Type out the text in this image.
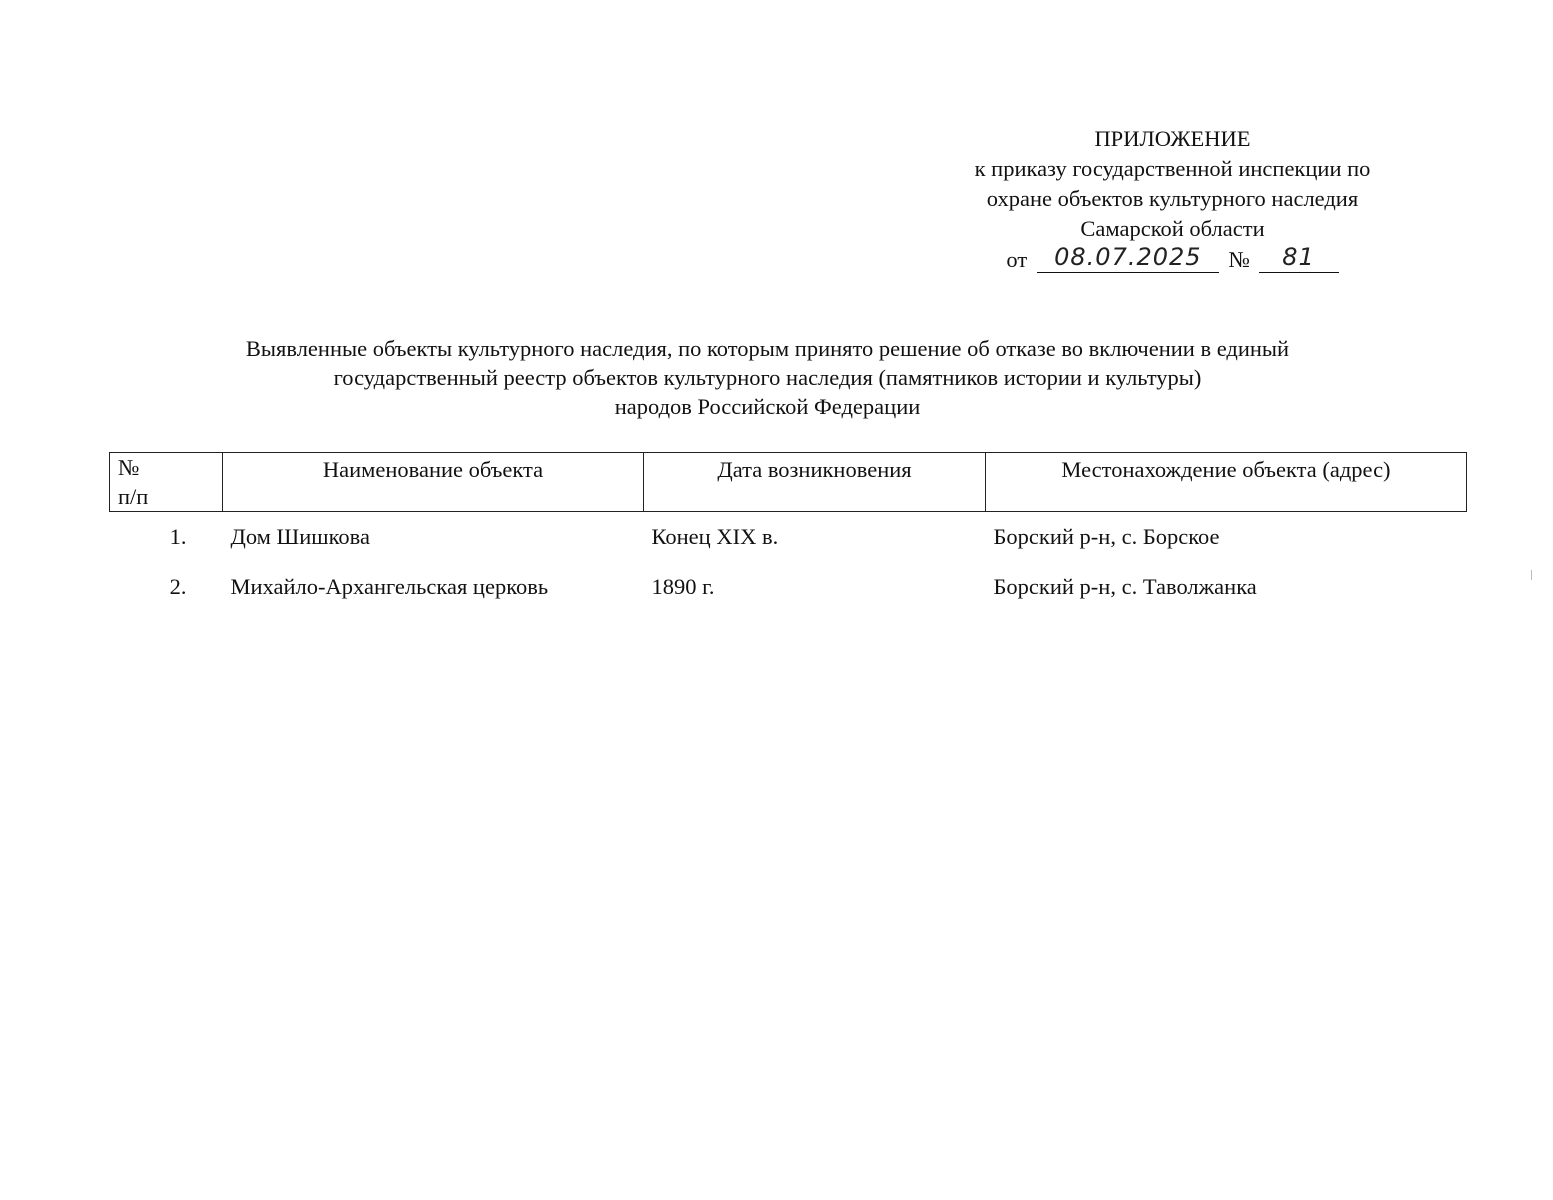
ПРИЛОЖЕНИЕ
к приказу государственной инспекции по
охране объектов культурного наследия
Самарской области
от 08.07.2025 № 81
Выявленные объекты культурного наследия, по которым принято решение об отказе во включении в единый
государственный реестр объектов культурного наследия (памятников истории и культуры)
народов Российской Федерации
№
п/п	Наименование объекта	Дата возникновения	Местонахождение объекта (адрес)
1.	Дом Шишкова	Конец XIX в.	Борский р-н, с. Борское
2.	Михайло-Архангельская церковь	1890 г.	Борский р-н, с. Таволжанка
